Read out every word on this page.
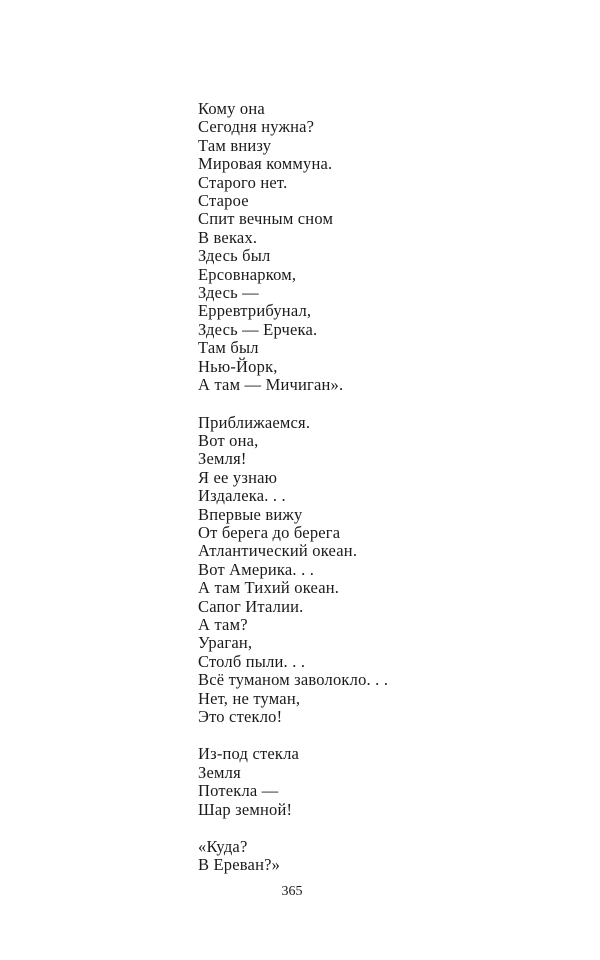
Кому она
Сегодня нужна?
Там внизу
Мировая коммуна.
Старого нет.
Старое
Спит вечным сном
В веках.
Здесь был
Ерсовнарком,
Здесь —
Ерревтрибунал,
Здесь — Ерчека.
Там был
Нью-Йорк,
А там — Мичиган».
Приближаемся.
Вот она,
Земля!
Я ее узнаю
Издалека. . .
Впервые вижу
От берега до берега
Атлантический океан.
Вот Америка. . .
А там Тихий океан.
Сапог Италии.
А там?
Ураган,
Столб пыли. . .
Всё туманом заволокло. . .
Нет, не туман,
Это стекло!
Из-под стекла
Земля
Потекла —
Шар земной!
«Куда?
В Ереван?»
365
